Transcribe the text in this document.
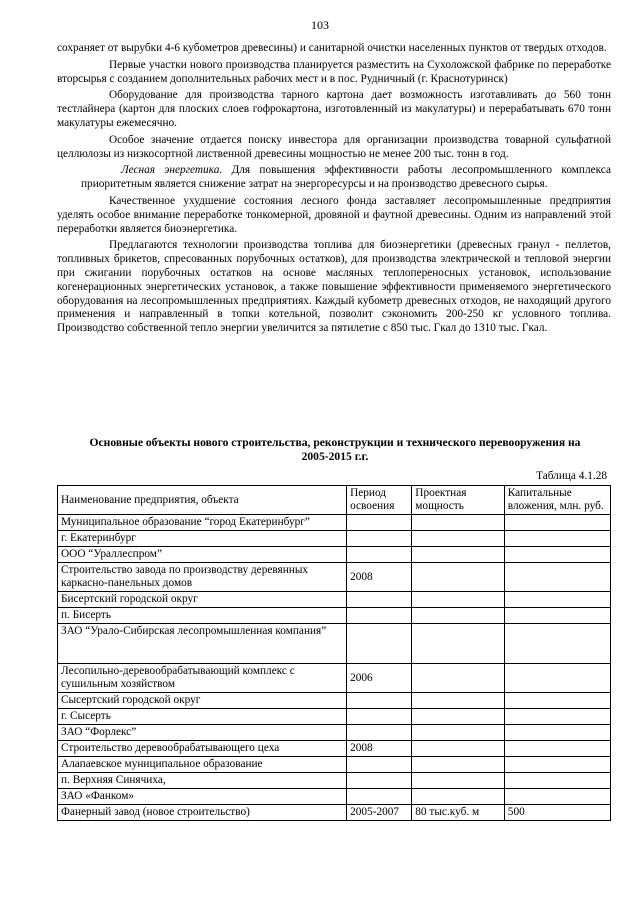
103

сохраняет от вырубки 4-6 кубометров древесины) и санитарной очистки населенных пунктов от твердых отходов.

Первые участки нового производства планируется разместить на Сухоложской фабрике по переработке вторсырья с созданием дополнительных рабочих мест и в пос. Рудничный (г. Краснотуринск)

Оборудование для производства тарного картона дает возможность изготавливать до 560 тонн тестлайнера (картон для плоских слоев гофрокартона, изготовленный из макулатуры) и перерабатывать 670 тонн макулатуры ежемесячно.

Особое значение отдается поиску инвестора для организации производства товарной сульфатной целлюлозы из низкосортной лиственной древесины мощностью не менее 200 тыс. тонн в год.

Лесная энергетика. Для повышения эффективности работы лесопромышленного комплекса приоритетным является снижение затрат на энергоресурсы и на производство древесного сырья.

Качественное ухудшение состояния лесного фонда заставляет лесопромышленные предприятия уделять особое внимание переработке тонкомерной, дровяной и фаутной древесины. Одним из направлений этой переработки является биоэнергетика.

Предлагаются технологии производства топлива для биоэнергетики (древесных гранул - пеллетов, топливных брикетов, спресованных порубочных остатков), для производства электрической и тепловой энергии при сжигании порубочных остатков на основе масляных теплопереносных установок, использование когенерационных энергетических установок, а также повышение эффективности применяемого энергетического оборудования на лесопромышленных предприятиях. Каждый кубометр древесных отходов, не находящий другого применения и направленный в топки котельной, позволит сэкономить 200-250 кг условного топлива. Производство собственной тепло энергии увеличится за пятилетие с 850 тыс. Гкал до 1310 тыс. Гкал.

Основные объекты нового строительства, реконструкции и технического перевооружения на 2005-2015 г.г.
Таблица 4.1.28
Наименование предприятия, объекта	Период освоения	Проектная мощность	Капитальные вложения, млн. руб.
Муниципальное образование “город Екатеринбург”			
г. Екатеринбург			
ООО “Ураллеспром”			
Строительство завода по производству деревянных каркасно-панельных домов	2008		
Бисертский городской округ			
п. Бисерть			
ЗАО “Урало-Сибирская лесопромышленная компания”			
Лесопильно-деревообрабатывающий комплекс с сушильным хозяйством	2006		
Сысертский городской округ			
г. Сысерть			
ЗАО “Форлекс”			
Строительство деревообрабатывающего цеха	2008		
Алапаевское муниципальное образование			
п. Верхняя Синячиха,			
ЗАО «Фанком»			
Фанерный завод (новое строительство)	2005-2007	80 тыс.куб. м	500
